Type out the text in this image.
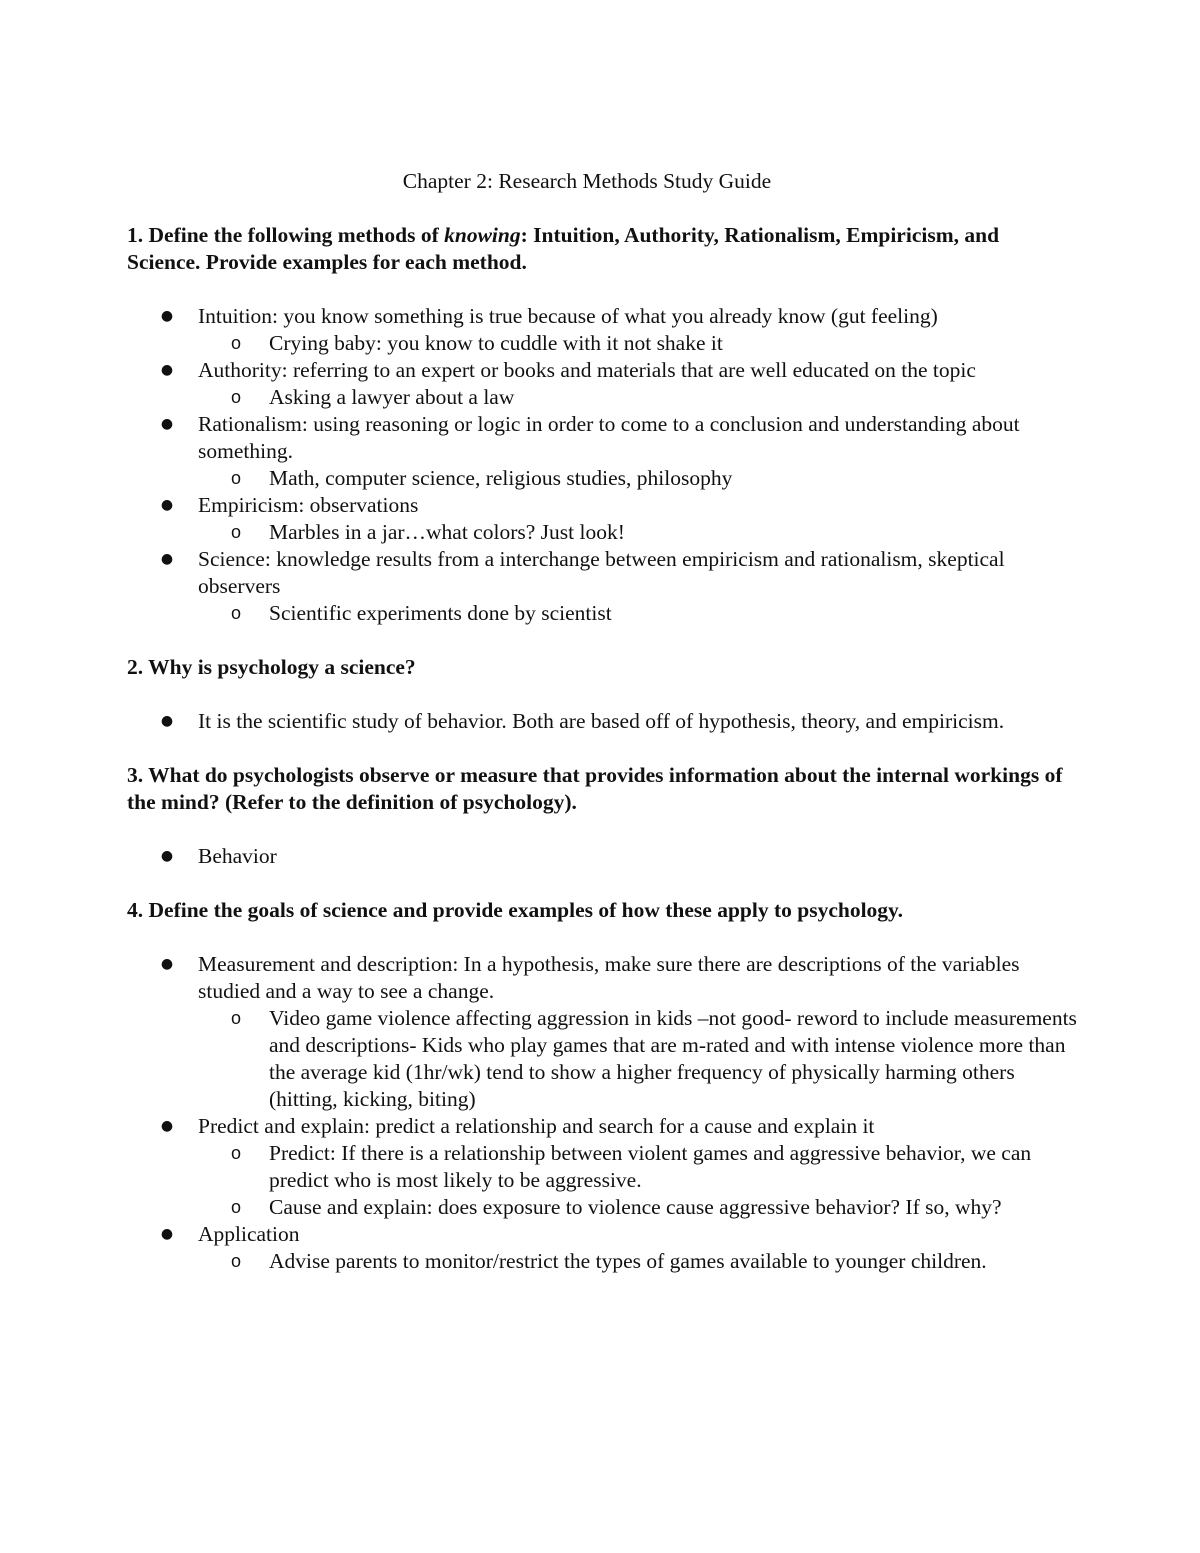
Chapter 2: Research Methods Study Guide
1. Define the following methods of knowing: Intuition, Authority, Rationalism, Empiricism, and Science. Provide examples for each method.
● Intuition: you know something is true because of what you already know (gut feeling)
o Crying baby: you know to cuddle with it not shake it
● Authority: referring to an expert or books and materials that are well educated on the topic
o Asking a lawyer about a law
● Rationalism: using reasoning or logic in order to come to a conclusion and understanding about something.
o Math, computer science, religious studies, philosophy
● Empiricism: observations
o Marbles in a jar…what colors? Just look!
● Science: knowledge results from a interchange between empiricism and rationalism, skeptical observers
o Scientific experiments done by scientist
2. Why is psychology a science?
● It is the scientific study of behavior. Both are based off of hypothesis, theory, and empiricism.
3. What do psychologists observe or measure that provides information about the internal workings of the mind? (Refer to the definition of psychology).
● Behavior
4. Define the goals of science and provide examples of how these apply to psychology.
● Measurement and description: In a hypothesis, make sure there are descriptions of the variables studied and a way to see a change.
o Video game violence affecting aggression in kids –not good- reword to include measurements and descriptions- Kids who play games that are m-rated and with intense violence more than the average kid (1hr/wk) tend to show a higher frequency of physically harming others (hitting, kicking, biting)
● Predict and explain: predict a relationship and search for a cause and explain it
o Predict: If there is a relationship between violent games and aggressive behavior, we can predict who is most likely to be aggressive.
o Cause and explain: does exposure to violence cause aggressive behavior? If so, why?
● Application
o Advise parents to monitor/restrict the types of games available to younger children.
